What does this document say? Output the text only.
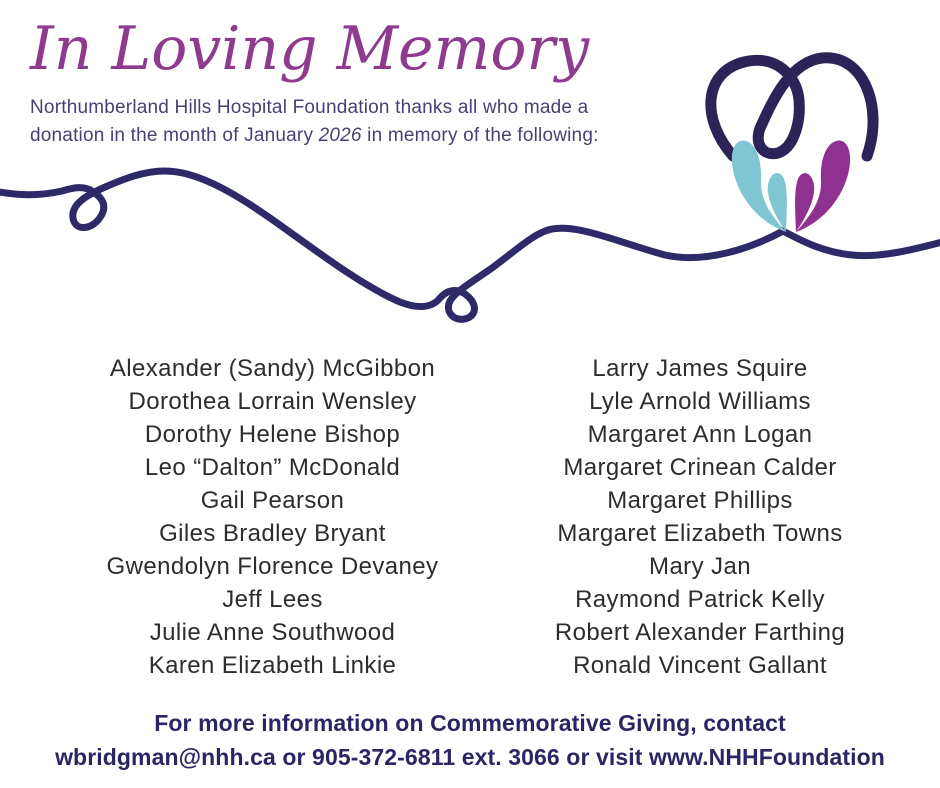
In Loving Memory

Northumberland Hills Hospital Foundation thanks all who made a
donation in the month of January 2026 in memory of the following:

Alexander (Sandy) McGibbon
Dorothea Lorrain Wensley
Dorothy Helene Bishop
Leo “Dalton” McDonald
Gail Pearson
Giles Bradley Bryant
Gwendolyn Florence Devaney
Jeff Lees
Julie Anne Southwood
Karen Elizabeth Linkie
Larry James Squire
Lyle Arnold Williams
Margaret Ann Logan
Margaret Crinean Calder
Margaret Phillips
Margaret Elizabeth Towns
Mary Jan
Raymond Patrick Kelly
Robert Alexander Farthing
Ronald Vincent Gallant
For more information on Commemorative Giving, contact
wbridgman@nhh.ca or 905-372-6811 ext. 3066 or visit www.NHHFoundation
